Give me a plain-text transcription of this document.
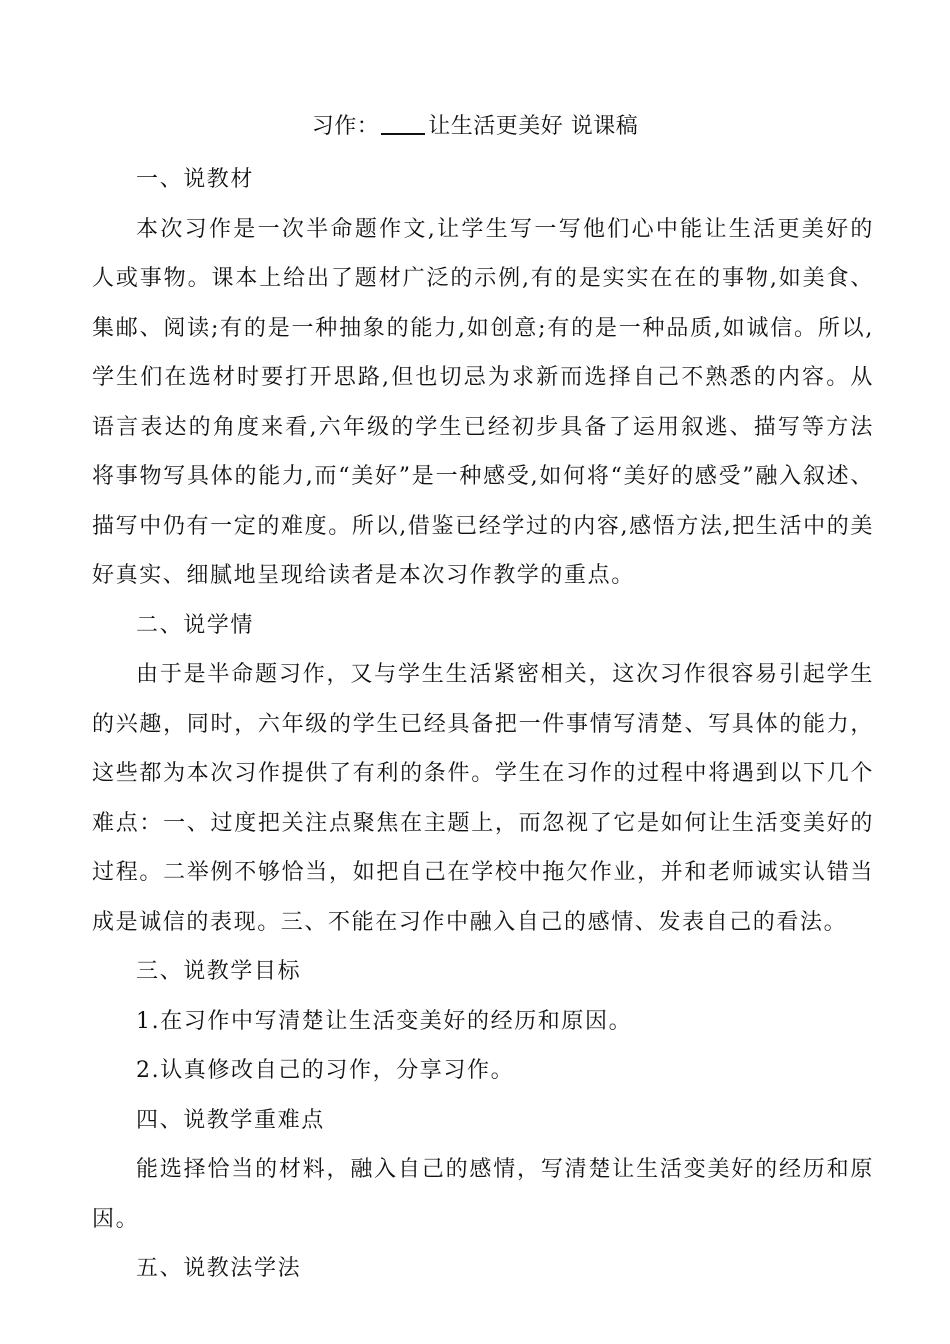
习作： 让生活更美好 说课稿

一、说教材

本次习作是一次半命题作文,让学生写一写他们心中能让生活更美好的人或事物。课本上给出了题材广泛的示例,有的是实实在在的事物,如美食、集邮、阅读;有的是一种抽象的能力,如创意;有的是一种品质,如诚信。所以,学生们在选材时要打开思路,但也切忌为求新而选择自己不熟悉的内容。从语言表达的角度来看,六年级的学生已经初步具备了运用叙逃、描写等方法将事物写具体的能力,而“美好”是一种感受,如何将“美好的感受”融入叙述、描写中仍有一定的难度。所以,借鉴已经学过的内容,感悟方法,把生活中的美好真实、细腻地呈现给读者是本次习作教学的重点。

二、说学情

由于是半命题习作，又与学生生活紧密相关，这次习作很容易引起学生的兴趣，同时，六年级的学生已经具备把一件事情写清楚、写具体的能力，这些都为本次习作提供了有利的条件。学生在习作的过程中将遇到以下几个难点：一、过度把关注点聚焦在主题上，而忽视了它是如何让生活变美好的过程。二举例不够恰当，如把自己在学校中拖欠作业，并和老师诚实认错当成是诚信的表现。三、不能在习作中融入自己的感情、发表自己的看法。

三、说教学目标

1.在习作中写清楚让生活变美好的经历和原因。

2.认真修改自己的习作，分享习作。

四、说教学重难点

能选择恰当的材料，融入自己的感情，写清楚让生活变美好的经历和原因。

五、说教法学法
